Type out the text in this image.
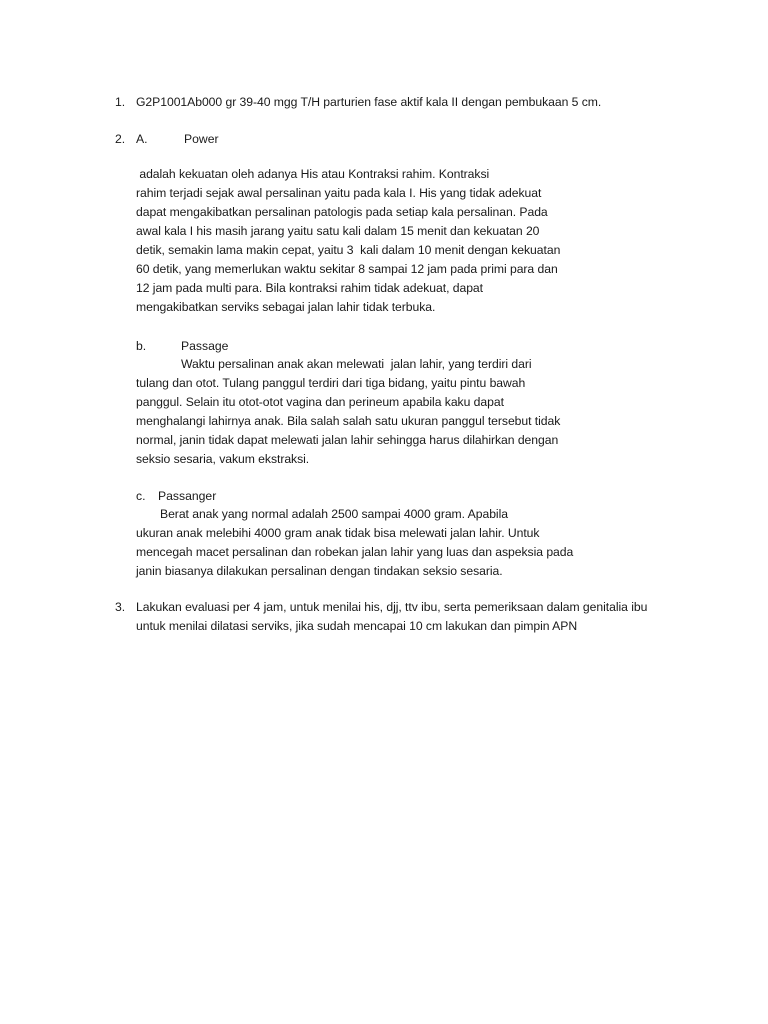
1. G2P1001Ab000 gr 39-40 mgg T/H parturien fase aktif kala II dengan pembukaan 5 cm.
2. A.	Power
adalah kekuatan oleh adanya His atau Kontraksi rahim. Kontraksi
rahim terjadi sejak awal persalinan yaitu pada kala I. His yang tidak adekuat
dapat mengakibatkan persalinan patologis pada setiap kala persalinan. Pada
awal kala I his masih jarang yaitu satu kali dalam 15 menit dan kekuatan 20
detik, semakin lama makin cepat, yaitu 3  kali dalam 10 menit dengan kekuatan
60 detik, yang memerlukan waktu sekitar 8 sampai 12 jam pada primi para dan
12 jam pada multi para. Bila kontraksi rahim tidak adekuat, dapat
mengakibatkan serviks sebagai jalan lahir tidak terbuka.
b.	Passage
Waktu persalinan anak akan melewati  jalan lahir, yang terdiri dari
tulang dan otot. Tulang panggul terdiri dari tiga bidang, yaitu pintu bawah
panggul. Selain itu otot-otot vagina dan perineum apabila kaku dapat
menghalangi lahirnya anak. Bila salah salah satu ukuran panggul tersebut tidak
normal, janin tidak dapat melewati jalan lahir sehingga harus dilahirkan dengan
seksio sesaria, vakum ekstraksi.
c. Passanger
Berat anak yang normal adalah 2500 sampai 4000 gram. Apabila
ukuran anak melebihi 4000 gram anak tidak bisa melewati jalan lahir. Untuk
mencegah macet persalinan dan robekan jalan lahir yang luas dan aspeksia pada
janin biasanya dilakukan persalinan dengan tindakan seksio sesaria.
3. Lakukan evaluasi per 4 jam, untuk menilai his, djj, ttv ibu, serta pemeriksaan dalam genitalia ibu
untuk menilai dilatasi serviks, jika sudah mencapai 10 cm lakukan dan pimpin APN
